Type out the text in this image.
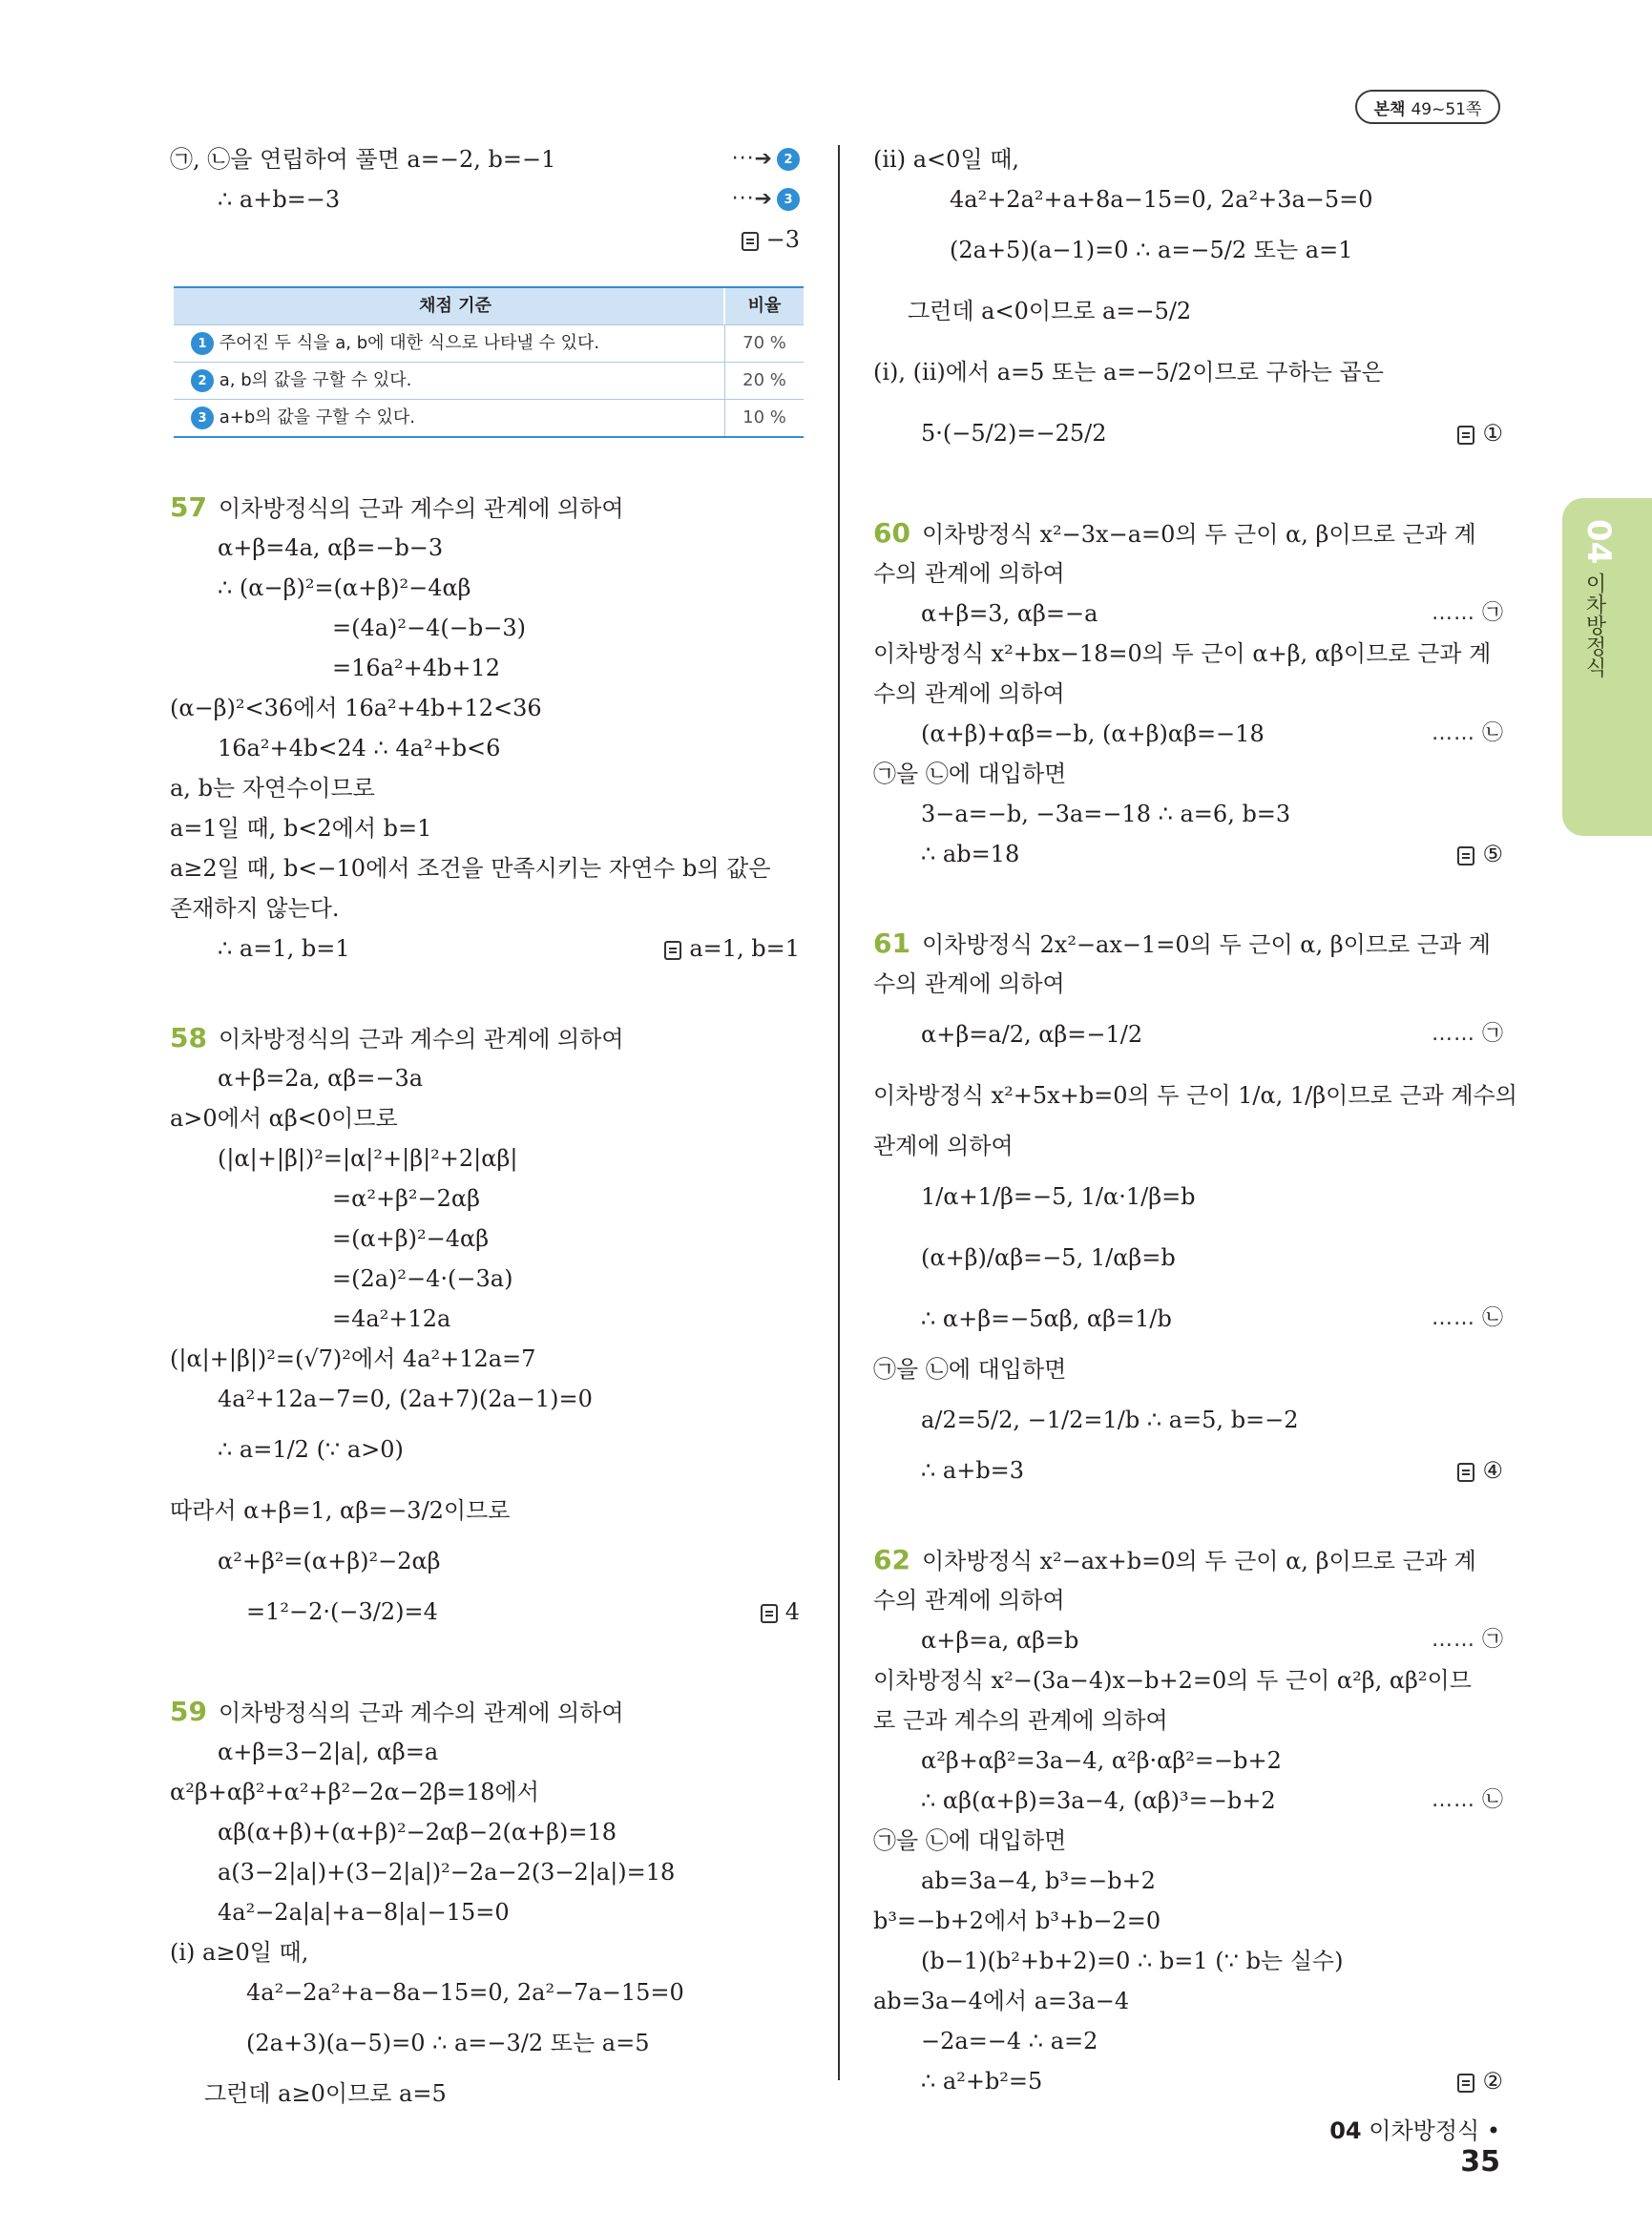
본책 49~51쪽
04
이차방정식
㉠, ㉡을 연립하여 풀면 a=−2, b=−1	···➔ 2
∴ a+b=−3	···➔ 3
−3
채점 기준	비율
1 주어진 두 식을 a, b에 대한 식으로 나타낼 수 있다.	70 %
2 a, b의 값을 구할 수 있다.	20 %
3 a+b의 값을 구할 수 있다.	10 %
57 이차방정식의 근과 계수의 관계에 의하여
α+β=4a, αβ=−b−3
∴ (α−β)²=(α+β)²−4αβ
=(4a)²−4(−b−3)
=16a²+4b+12
(α−β)²<36에서 16a²+4b+12<36
16a²+4b<24 ∴ 4a²+b<6
a, b는 자연수이므로
a=1일 때, b<2에서 b=1
a≥2일 때, b<−10에서 조건을 만족시키는 자연수 b의 값은
존재하지 않는다.
∴ a=1, b=1	a=1, b=1
58 이차방정식의 근과 계수의 관계에 의하여
α+β=2a, αβ=−3a
a>0에서 αβ<0이므로
(|α|+|β|)²=|α|²+|β|²+2|αβ|
=α²+β²−2αβ
=(α+β)²−4αβ
=(2a)²−4·(−3a)
=4a²+12a
(|α|+|β|)²=(√7)²에서 4a²+12a=7
4a²+12a−7=0, (2a+7)(2a−1)=0
∴ a=1/2 (∵ a>0)
따라서 α+β=1, αβ=−3/2이므로
α²+β²=(α+β)²−2αβ
=1²−2·(−3/2)=4	4
59 이차방정식의 근과 계수의 관계에 의하여
α+β=3−2|a|, αβ=a
α²β+αβ²+α²+β²−2α−2β=18에서
αβ(α+β)+(α+β)²−2αβ−2(α+β)=18
a(3−2|a|)+(3−2|a|)²−2a−2(3−2|a|)=18
4a²−2a|a|+a−8|a|−15=0
(i) a≥0일 때,
4a²−2a²+a−8a−15=0, 2a²−7a−15=0
(2a+3)(a−5)=0 ∴ a=−3/2 또는 a=5
그런데 a≥0이므로 a=5
(ii) a<0일 때,
4a²+2a²+a+8a−15=0, 2a²+3a−5=0
(2a+5)(a−1)=0 ∴ a=−5/2 또는 a=1
그런데 a<0이므로 a=−5/2
(i), (ii)에서 a=5 또는 a=−5/2이므로 구하는 곱은
5·(−5/2)=−25/2	①
60 이차방정식 x²−3x−a=0의 두 근이 α, β이므로 근과 계
수의 관계에 의하여
α+β=3, αβ=−a	…… ㉠
이차방정식 x²+bx−18=0의 두 근이 α+β, αβ이므로 근과 계
수의 관계에 의하여
(α+β)+αβ=−b, (α+β)αβ=−18	…… ㉡
㉠을 ㉡에 대입하면
3−a=−b, −3a=−18 ∴ a=6, b=3
∴ ab=18	⑤
61 이차방정식 2x²−ax−1=0의 두 근이 α, β이므로 근과 계
수의 관계에 의하여
α+β=a/2, αβ=−1/2	…… ㉠
이차방정식 x²+5x+b=0의 두 근이 1/α, 1/β이므로 근과 계수의
관계에 의하여
1/α+1/β=−5, 1/α·1/β=b
(α+β)/αβ=−5, 1/αβ=b
∴ α+β=−5αβ, αβ=1/b	…… ㉡
㉠을 ㉡에 대입하면
a/2=5/2, −1/2=1/b ∴ a=5, b=−2
∴ a+b=3	④
62 이차방정식 x²−ax+b=0의 두 근이 α, β이므로 근과 계
수의 관계에 의하여
α+β=a, αβ=b	…… ㉠
이차방정식 x²−(3a−4)x−b+2=0의 두 근이 α²β, αβ²이므
로 근과 계수의 관계에 의하여
α²β+αβ²=3a−4, α²β·αβ²=−b+2
∴ αβ(α+β)=3a−4, (αβ)³=−b+2	…… ㉡
㉠을 ㉡에 대입하면
ab=3a−4, b³=−b+2
b³=−b+2에서 b³+b−2=0
(b−1)(b²+b+2)=0 ∴ b=1 (∵ b는 실수)
ab=3a−4에서 a=3a−4
−2a=−4 ∴ a=2
∴ a²+b²=5	②
04 이차방정식 • 35
